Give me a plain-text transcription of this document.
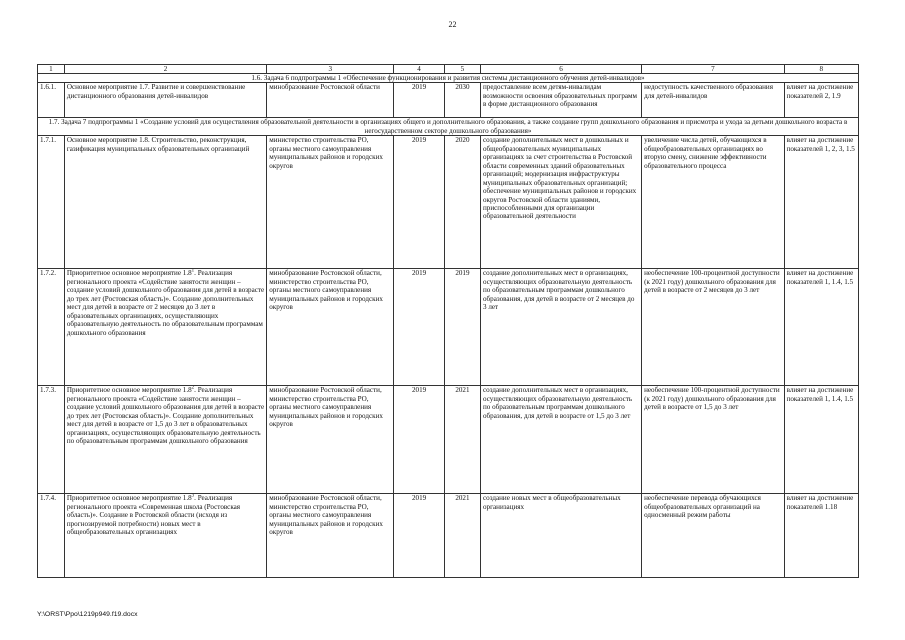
22
1	2	3	4	5	6	7	8
1.6. Задача 6 подпрограммы 1 «Обеспечение функционирования и развития системы дистанционного обучения детей-инвалидов»							
1.6.1.	Основное мероприятие 1.7. Развитие и совершенствование дистанционного образования детей-инвалидов	минобразование Ростовской области	2019	2030	предоставление всем детям-инвалидам возможности освоения образовательных программ в форме дистанционного образования	недоступность качественного образования для детей-инвалидов	влияет на достижение показателей 2, 1.9
1.7. Задача 7 подпрограммы 1 «Создание условий для осуществления образовательной деятельности в организациях общего и дополнительного образования, а также создание групп дошкольного образования и присмотра и ухода за детьми дошкольного возраста в негосударственном секторе дошкольного образования»							
1.7.1.	Основное мероприятие 1.8. Строительство, реконструкция, газификация муниципальных образовательных организаций	министерство строительства РО, органы местного самоуправления муниципальных районов и городских округов	2019	2020	создание дополнительных мест в дошкольных и общеобразовательных муниципальных организациях за счет строительства в Ростовской области современных зданий образовательных организаций; модернизация инфраструктуры муниципальных образовательных организаций; обеспечение муниципальных районов и городских округов Ростовской области зданиями, приспособленными для организации образовательной деятельности	увеличение числа детей, обучающихся в общеобразовательных организациях во вторую смену, снижение эффективности образовательного процесса	влияет на достижение показателей 1, 2, 3, 1.5
1.7.2.	Приоритетное основное мероприятие $1.8^1$. Реализация регионального проекта «Содействие занятости женщин – создание условий дошкольного образования для детей в возрасте до трех лет (Ростовская область)». Создание дополнительных мест для детей в возрасте от 2 месяцев до 3 лет в образовательных организациях, осуществляющих образовательную деятельность по образовательным программам дошкольного образования	минобразование Ростовской области, министерство строительства РО, органы местного самоуправления муниципальных районов и городских округов	2019	2019	создание дополнительных мест в организациях, осуществляющих образовательную деятельность по образовательным программам дошкольного образования, для детей в возрасте от 2 месяцев до 3 лет	необеспечение 100-процентной доступности (к 2021 году) дошкольного образования для детей в возрасте от 2 месяцев до 3 лет	влияет на достижение показателей 1, 1.4, 1.5
1.7.3.	Приоритетное основное мероприятие $1.8^2$. Реализация регионального проекта «Содействие занятости женщин – создание условий дошкольного образования для детей в возрасте до трех лет (Ростовская область)». Создание дополнительных мест для детей в возрасте от 1,5 до 3 лет в образовательных организациях, осуществляющих образовательную деятельность по образовательным программам дошкольного образования	минобразование Ростовской области, министерство строительства РО, органы местного самоуправления муниципальных районов и городских округов	2019	2021	создание дополнительных мест в организациях, осуществляющих образовательную деятельность по образовательным программам дошкольного образования, для детей в возрасте от 1,5 до 3 лет	необеспечение 100-процентной доступности (к 2021 году) дошкольного образования для детей в возрасте от 1,5 до 3 лет	влияет на достижение показателей 1, 1.4, 1.5
1.7.4.	Приоритетное основное мероприятие $1.8^3$. Реализация регионального проекта «Современная школа (Ростовская область)». Создание в Ростовской области (исходя из прогнозируемой потребности) новых мест в общеобразовательных организациях	минобразование Ростовской области, министерство строительства РО, органы местного самоуправления муниципальных районов и городских округов	2019	2021	создание новых мест в общеобразовательных организациях	необеспечение перевода обучающихся общеобразовательных организаций на односменный режим работы	влияет на достижение показателей 1.18
Y:\ORST\Ppo\1219p949.f19.docx
